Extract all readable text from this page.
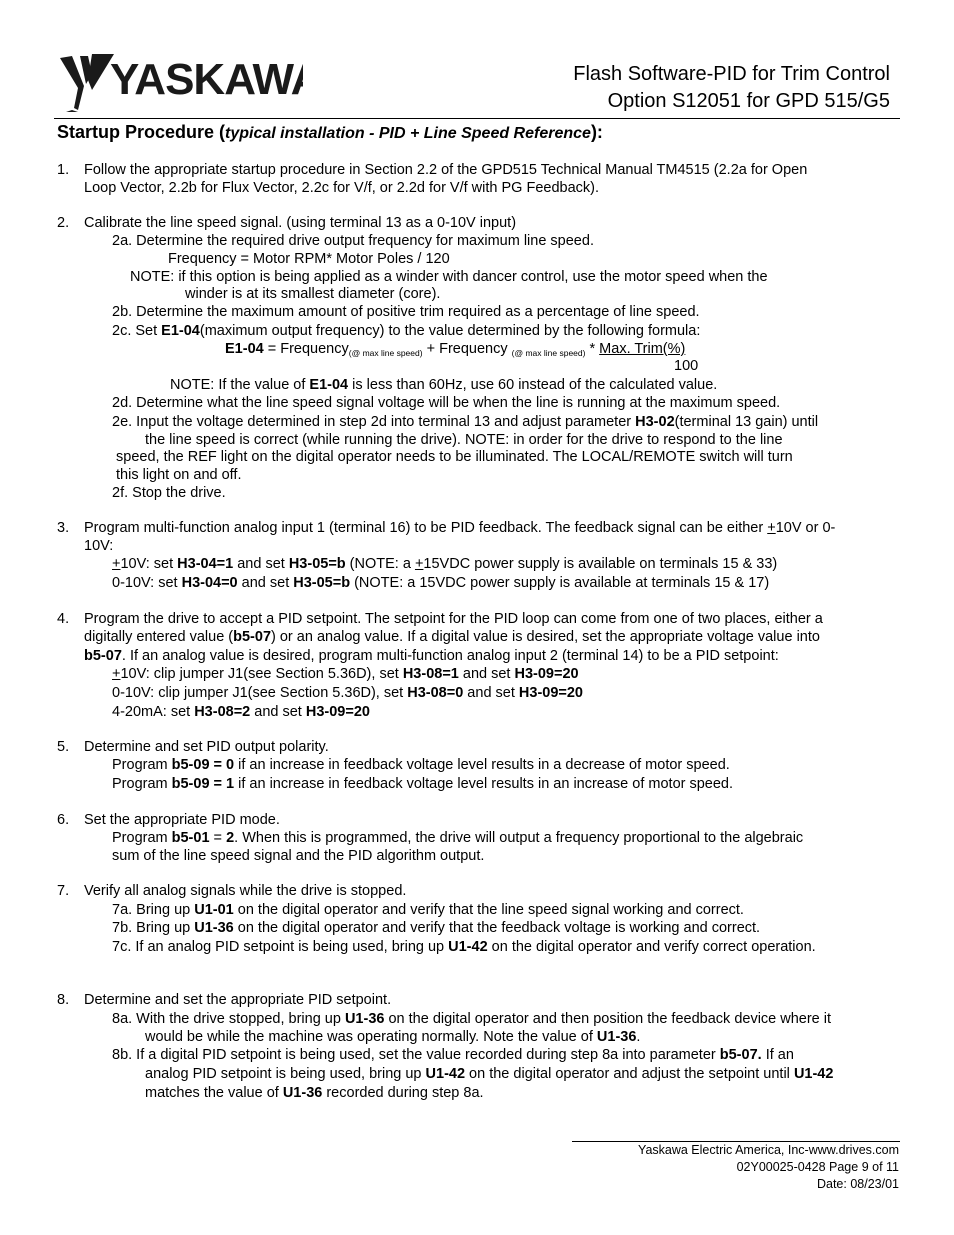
YASKAWA	Flash Software-PID for Trim Control
Option S12051 for GPD 515/G5
Startup Procedure (typical installation - PID + Line Speed Reference):
1. Follow the appropriate startup procedure in Section 2.2 of the GPD515 Technical Manual TM4515 (2.2a for Open
Loop Vector, 2.2b for Flux Vector, 2.2c for V/f, or 2.2d for V/f with PG Feedback).
2. Calibrate the line speed signal. (using terminal 13 as a 0-10V input)
2a. Determine the required drive output frequency for maximum line speed.
Frequency = Motor RPM* Motor Poles / 120
NOTE: if this option is being applied as a winder with dancer control, use the motor speed when the
winder is at its smallest diameter (core).
2b. Determine the maximum amount of positive trim required as a percentage of line speed.
2c. Set E1-04(maximum output frequency) to the value determined by the following formula:
E1-04 = Frequency$_{(@ max line speed)}$ + Frequency $_{(@ max line speed)}$ * Max. Trim(%)
100
NOTE: If the value of E1-04 is less than 60Hz, use 60 instead of the calculated value.
2d. Determine what the line speed signal voltage will be when the line is running at the maximum speed.
2e. Input the voltage determined in step 2d into terminal 13 and adjust parameter H3-02(terminal 13 gain) until
the line speed is correct (while running the drive). NOTE: in order for the drive to respond to the line
speed, the REF light on the digital operator needs to be illuminated. The LOCAL/REMOTE switch will turn
this light on and off.
2f. Stop the drive.
3. Program multi-function analog input 1 (terminal 16) to be PID feedback. The feedback signal can be either +10V or 0-
10V:
+10V: set H3-04=1 and set H3-05=b (NOTE: a +15VDC power supply is available on terminals 15 & 33)
0-10V: set H3-04=0 and set H3-05=b (NOTE: a 15VDC power supply is available at terminals 15 & 17)
4. Program the drive to accept a PID setpoint. The setpoint for the PID loop can come from one of two places, either a
digitally entered value (b5-07) or an analog value. If a digital value is desired, set the appropriate voltage value into
b5-07. If an analog value is desired, program multi-function analog input 2 (terminal 14) to be a PID setpoint:
+10V: clip jumper J1(see Section 5.36D), set H3-08=1 and set H3-09=20
0-10V: clip jumper J1(see Section 5.36D), set H3-08=0 and set H3-09=20
4-20mA: set H3-08=2 and set H3-09=20
5. Determine and set PID output polarity.
Program b5-09 = 0 if an increase in feedback voltage level results in a decrease of motor speed.
Program b5-09 = 1 if an increase in feedback voltage level results in an increase of motor speed.
6. Set the appropriate PID mode.
Program b5-01 = 2. When this is programmed, the drive will output a frequency proportional to the algebraic
sum of the line speed signal and the PID algorithm output.
7. Verify all analog signals while the drive is stopped.
7a. Bring up U1-01 on the digital operator and verify that the line speed signal working and correct.
7b. Bring up U1-36 on the digital operator and verify that the feedback voltage is working and correct.
7c. If an analog PID setpoint is being used, bring up U1-42 on the digital operator and verify correct operation.
8. Determine and set the appropriate PID setpoint.
8a. With the drive stopped, bring up U1-36 on the digital operator and then position the feedback device where it
would be while the machine was operating normally. Note the value of U1-36.
8b. If a digital PID setpoint is being used, set the value recorded during step 8a into parameter b5-07. If an
analog PID setpoint is being used, bring up U1-42 on the digital operator and adjust the setpoint until U1-42
matches the value of U1-36 recorded during step 8a.
Yaskawa Electric America, Inc-www.drives.com
02Y00025-0428 Page 9 of 11
Date: 08/23/01
